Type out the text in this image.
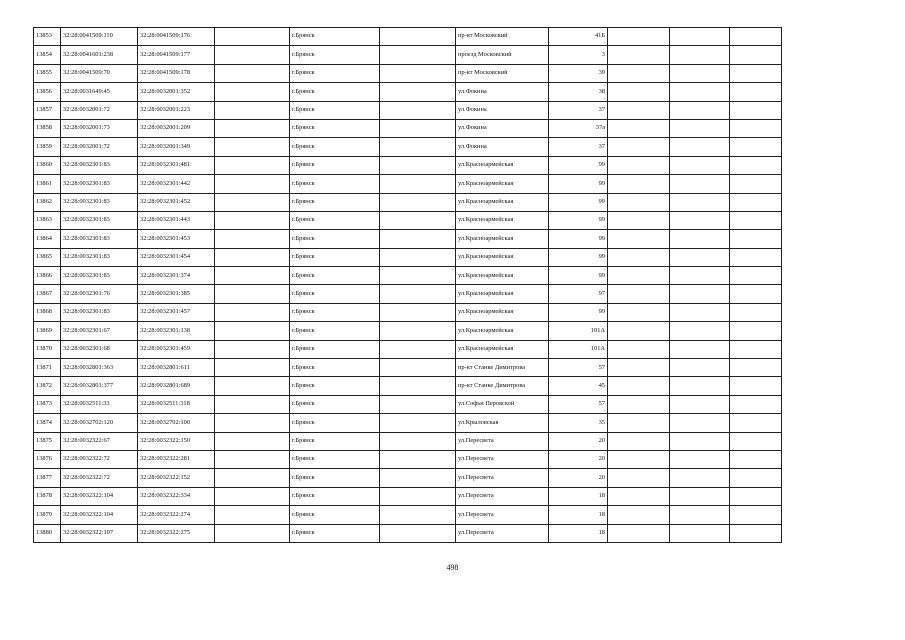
13853	32:28:0041509:110	32:28:0041509:176		г.Брянск		пр-кт Московский	41Б			
13854	32:28:0041601:238	32:28:0041509:177		г.Брянск		проезд Московский	3			
13855	32:28:0041509:70	32:28:0041509:178		г.Брянск		пр-кт Московский	39			
13856	32:28:0031649:45	32:28:0032001:352		г.Брянск		ул.Фокина	38			
13857	32:28:0032001:72	32:28:0032001:223		г.Брянск		ул.Фокина	37			
13858	32:28:0032001:73	32:28:0032001:209		г.Брянск		ул.Фокина	37а			
13859	32:28:0032001:72	32:28:0032001:349		г.Брянск		ул.Фокина	37			
13860	32:28:0032301:83	32:28:0032301:481		г.Брянск		ул.Красноармейская	99			
13861	32:28:0032301:83	32:28:0032301:442		г.Брянск		ул.Красноармейская	99			
13862	32:28:0032301:83	32:28:0032301:452		г.Брянск		ул.Красноармейская	99			
13863	32:28:0032301:83	32:28:0032301:443		г.Брянск		ул.Красноармейская	99			
13864	32:28:0032301:83	32:28:0032301:453		г.Брянск		ул.Красноармейская	99			
13865	32:28:0032301:83	32:28:0032301:454		г.Брянск		ул.Красноармейская	99			
13866	32:28:0032301:83	32:28:0032301:374		г.Брянск		ул.Красноармейская	99			
13867	32:28:0032301:76	32:28:0032301:385		г.Брянск		ул.Красноармейская	97			
13868	32:28:0032301:83	32:28:0032301:457		г.Брянск		ул.Красноармейская	99			
13869	32:28:0032301:67	32:28:0032301:138		г.Брянск		ул.Красноармейская	101А			
13870	32:28:0032301:68	32:28:0032301:459		г.Брянск		ул.Красноармейская	101А			
13871	32:28:0032801:363	32:28:0032801:611		г.Брянск		пр-кт Станке Димитрова	57			
13872	32:28:0032801:377	32:28:0032801:689		г.Брянск		пр-кт Станке Димитрова	45			
13873	32:28:0032511:33	32:28:0032511:318		г.Брянск		ул.Софьи Перовской	57			
13874	32:28:0032702:120	32:28:0032702:100		г.Брянск		ул.Крыловская	35			
13875	32:28:0032322:67	32:28:0032322:150		г.Брянск		ул.Пересвета	20			
13876	32:28:0032322:72	32:28:0032322:281		г.Брянск		ул.Пересвета	20			
13877	32:28:0032322:72	32:28:0032322:152		г.Брянск		ул.Пересвета	20			
13878	32:28:0032322:104	32:28:0032322:334		г.Брянск		ул.Пересвета	18			
13879	32:28:0032322:104	32:28:0032322:274		г.Брянск		ул.Пересвета	18			
13880	32:28:0032322:107	32:28:0032322:275		г.Брянск		ул.Пересвета	18			
498
